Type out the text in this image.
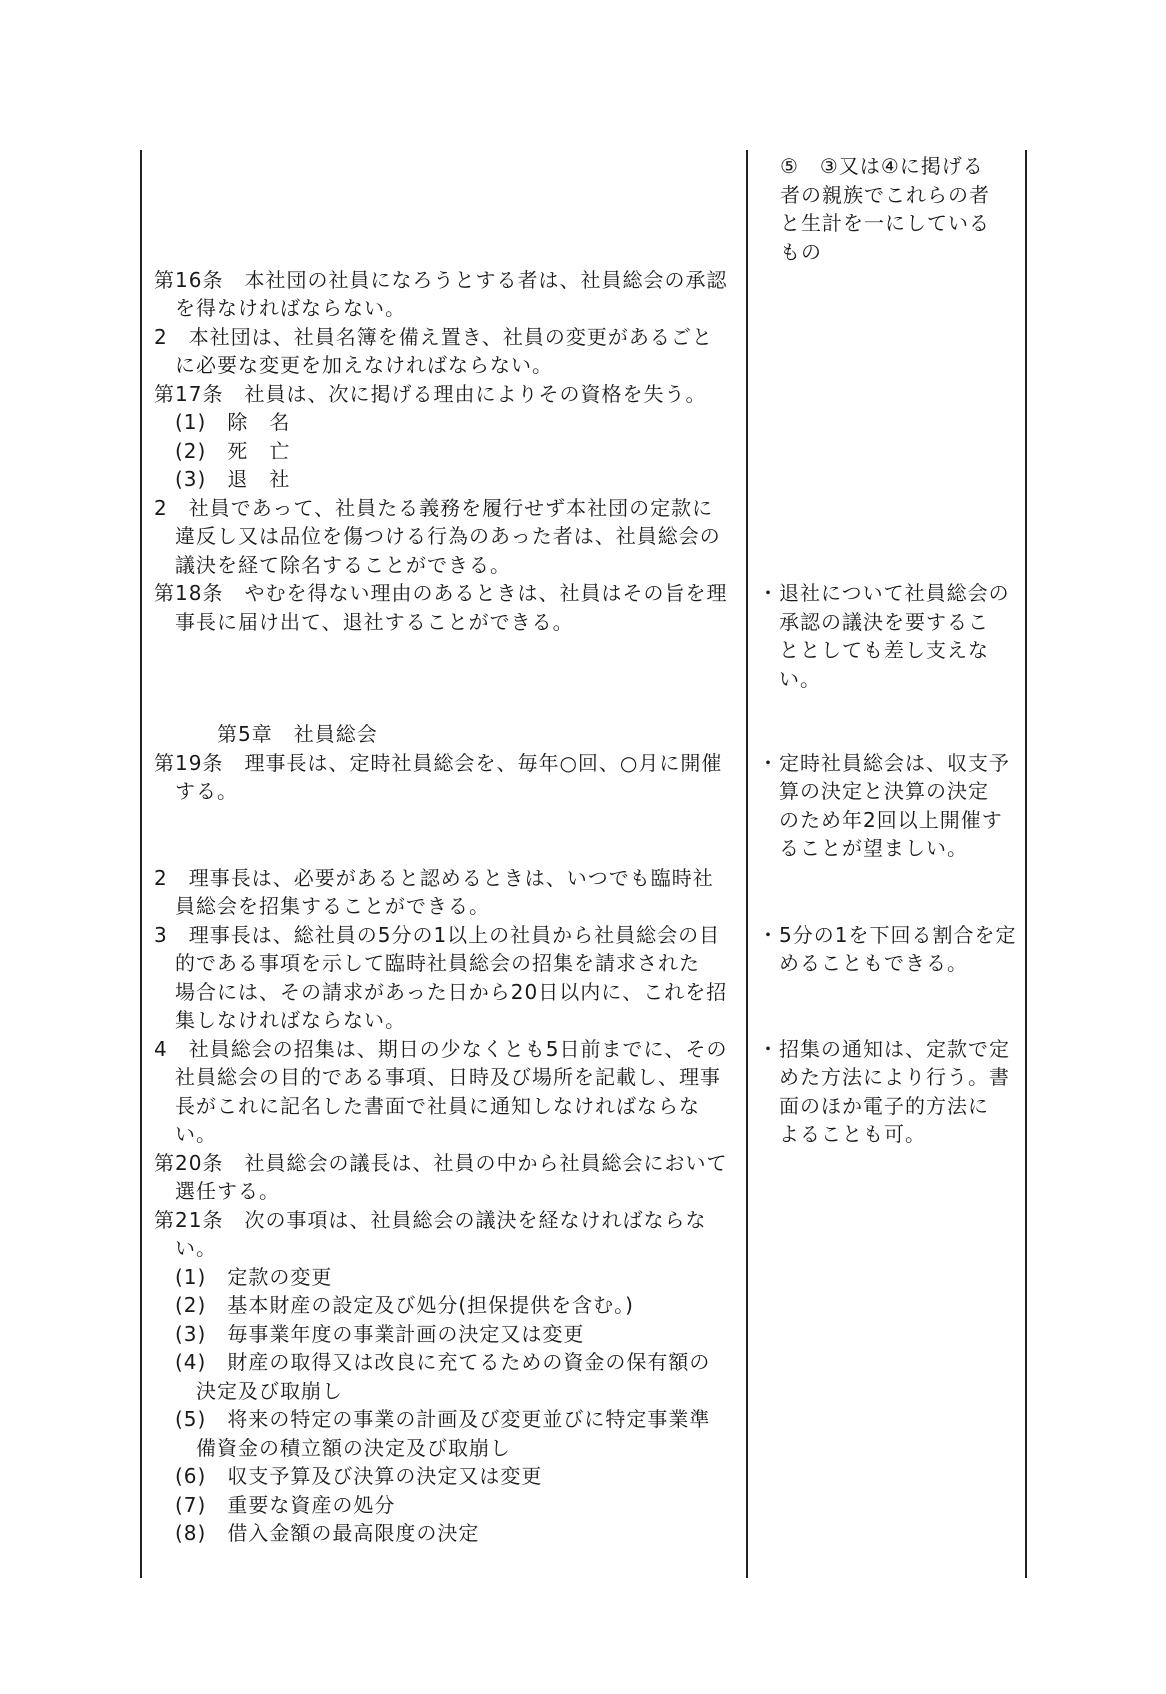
第16条　本社団の社員になろうとする者は、社員総会の承認
　を得なければならない。
2　本社団は、社員名簿を備え置き、社員の変更があるごと
　に必要な変更を加えなければならない。
第17条　社員は、次に掲げる理由によりその資格を失う。
　(1)　除　名
　(2)　死　亡
　(3)　退　社
2　社員であって、社員たる義務を履行せず本社団の定款に
　違反し又は品位を傷つける行為のあった者は、社員総会の
　議決を経て除名することができる。
第18条　やむを得ない理由のあるときは、社員はその旨を理
　事長に届け出て、退社することができる。
　　　第5章　社員総会
第19条　理事長は、定時社員総会を、毎年○回、○月に開催
　する。
2　理事長は、必要があると認めるときは、いつでも臨時社
　員総会を招集することができる。
3　理事長は、総社員の5分の1以上の社員から社員総会の目
　的である事項を示して臨時社員総会の招集を請求された
　場合には、その請求があった日から20日以内に、これを招
　集しなければならない。
4　社員総会の招集は、期日の少なくとも5日前までに、その
　社員総会の目的である事項、日時及び場所を記載し、理事
　長がこれに記名した書面で社員に通知しなければならな
　い。
第20条　社員総会の議長は、社員の中から社員総会において
　選任する。
第21条　次の事項は、社員総会の議決を経なければならな
　い。
　(1)　定款の変更
　(2)　基本財産の設定及び処分(担保提供を含む。)
　(3)　毎事業年度の事業計画の決定又は変更
　(4)　財産の取得又は改良に充てるための資金の保有額の
　　決定及び取崩し
　(5)　将来の特定の事業の計画及び変更並びに特定事業準
　　備資金の積立額の決定及び取崩し
　(6)　収支予算及び決算の決定又は変更
　(7)　重要な資産の処分
　(8)　借入金額の最高限度の決定
⑤　③又は④に掲げる
者の親族でこれらの者
と生計を一にしている
もの
・退社について社員総会の
　承認の議決を要するこ
　ととしても差し支えな
　い。
・定時社員総会は、収支予
　算の決定と決算の決定
　のため年2回以上開催す
　ることが望ましい。
・5分の1を下回る割合を定
　めることもできる。
・招集の通知は、定款で定
　めた方法により行う。書
　面のほか電子的方法に
　よることも可。
